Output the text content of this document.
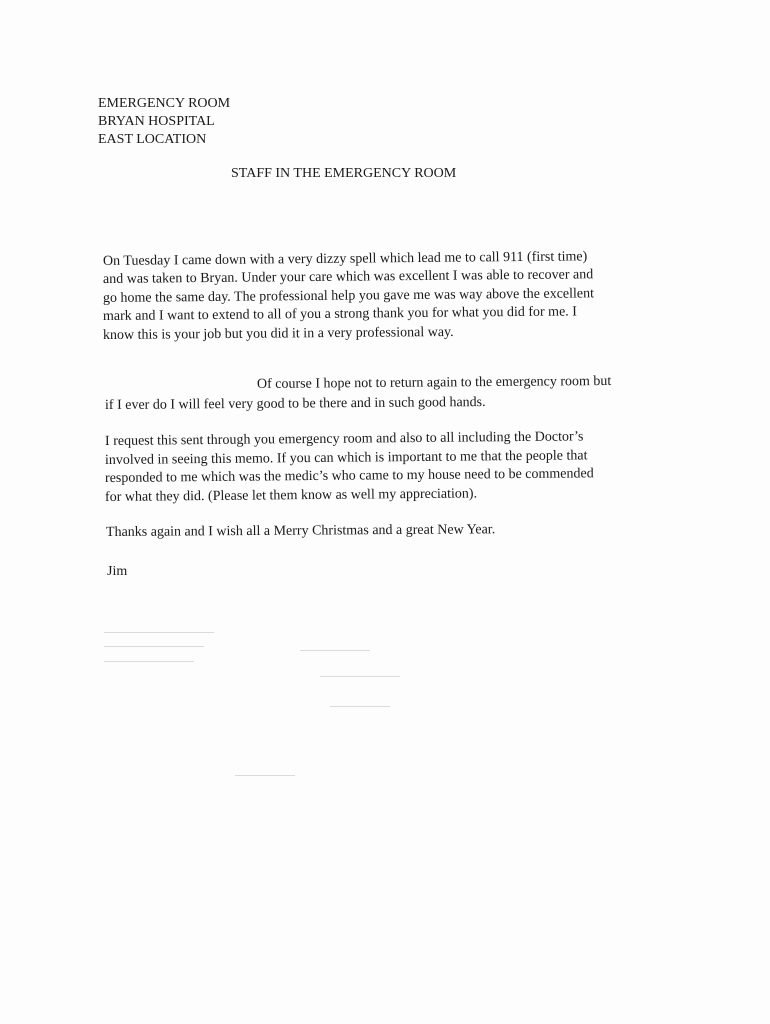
EMERGENCY ROOM
BRYAN HOSPITAL
EAST LOCATION
STAFF IN THE EMERGENCY ROOM
On Tuesday I came down with a very dizzy spell which lead me to call 911 (first time)
and was taken to Bryan. Under your care which was excellent I was able to recover and
go home the same day. The professional help you gave me was way above the excellent
mark and I want to extend to all of you a strong thank you for what you did for me. I
know this is your job but you did it in a very professional way.
Of course I hope not to return again to the emergency room but
if I ever do I will feel very good to be there and in such good hands.
I request this sent through you emergency room and also to all including the Doctor’s
involved in seeing this memo. If you can which is important to me that the people that
responded to me which was the medic’s who came to my house need to be commended
for what they did. (Please let them know as well my appreciation).
Thanks again and I wish all a Merry Christmas and a great New Year.
Jim
